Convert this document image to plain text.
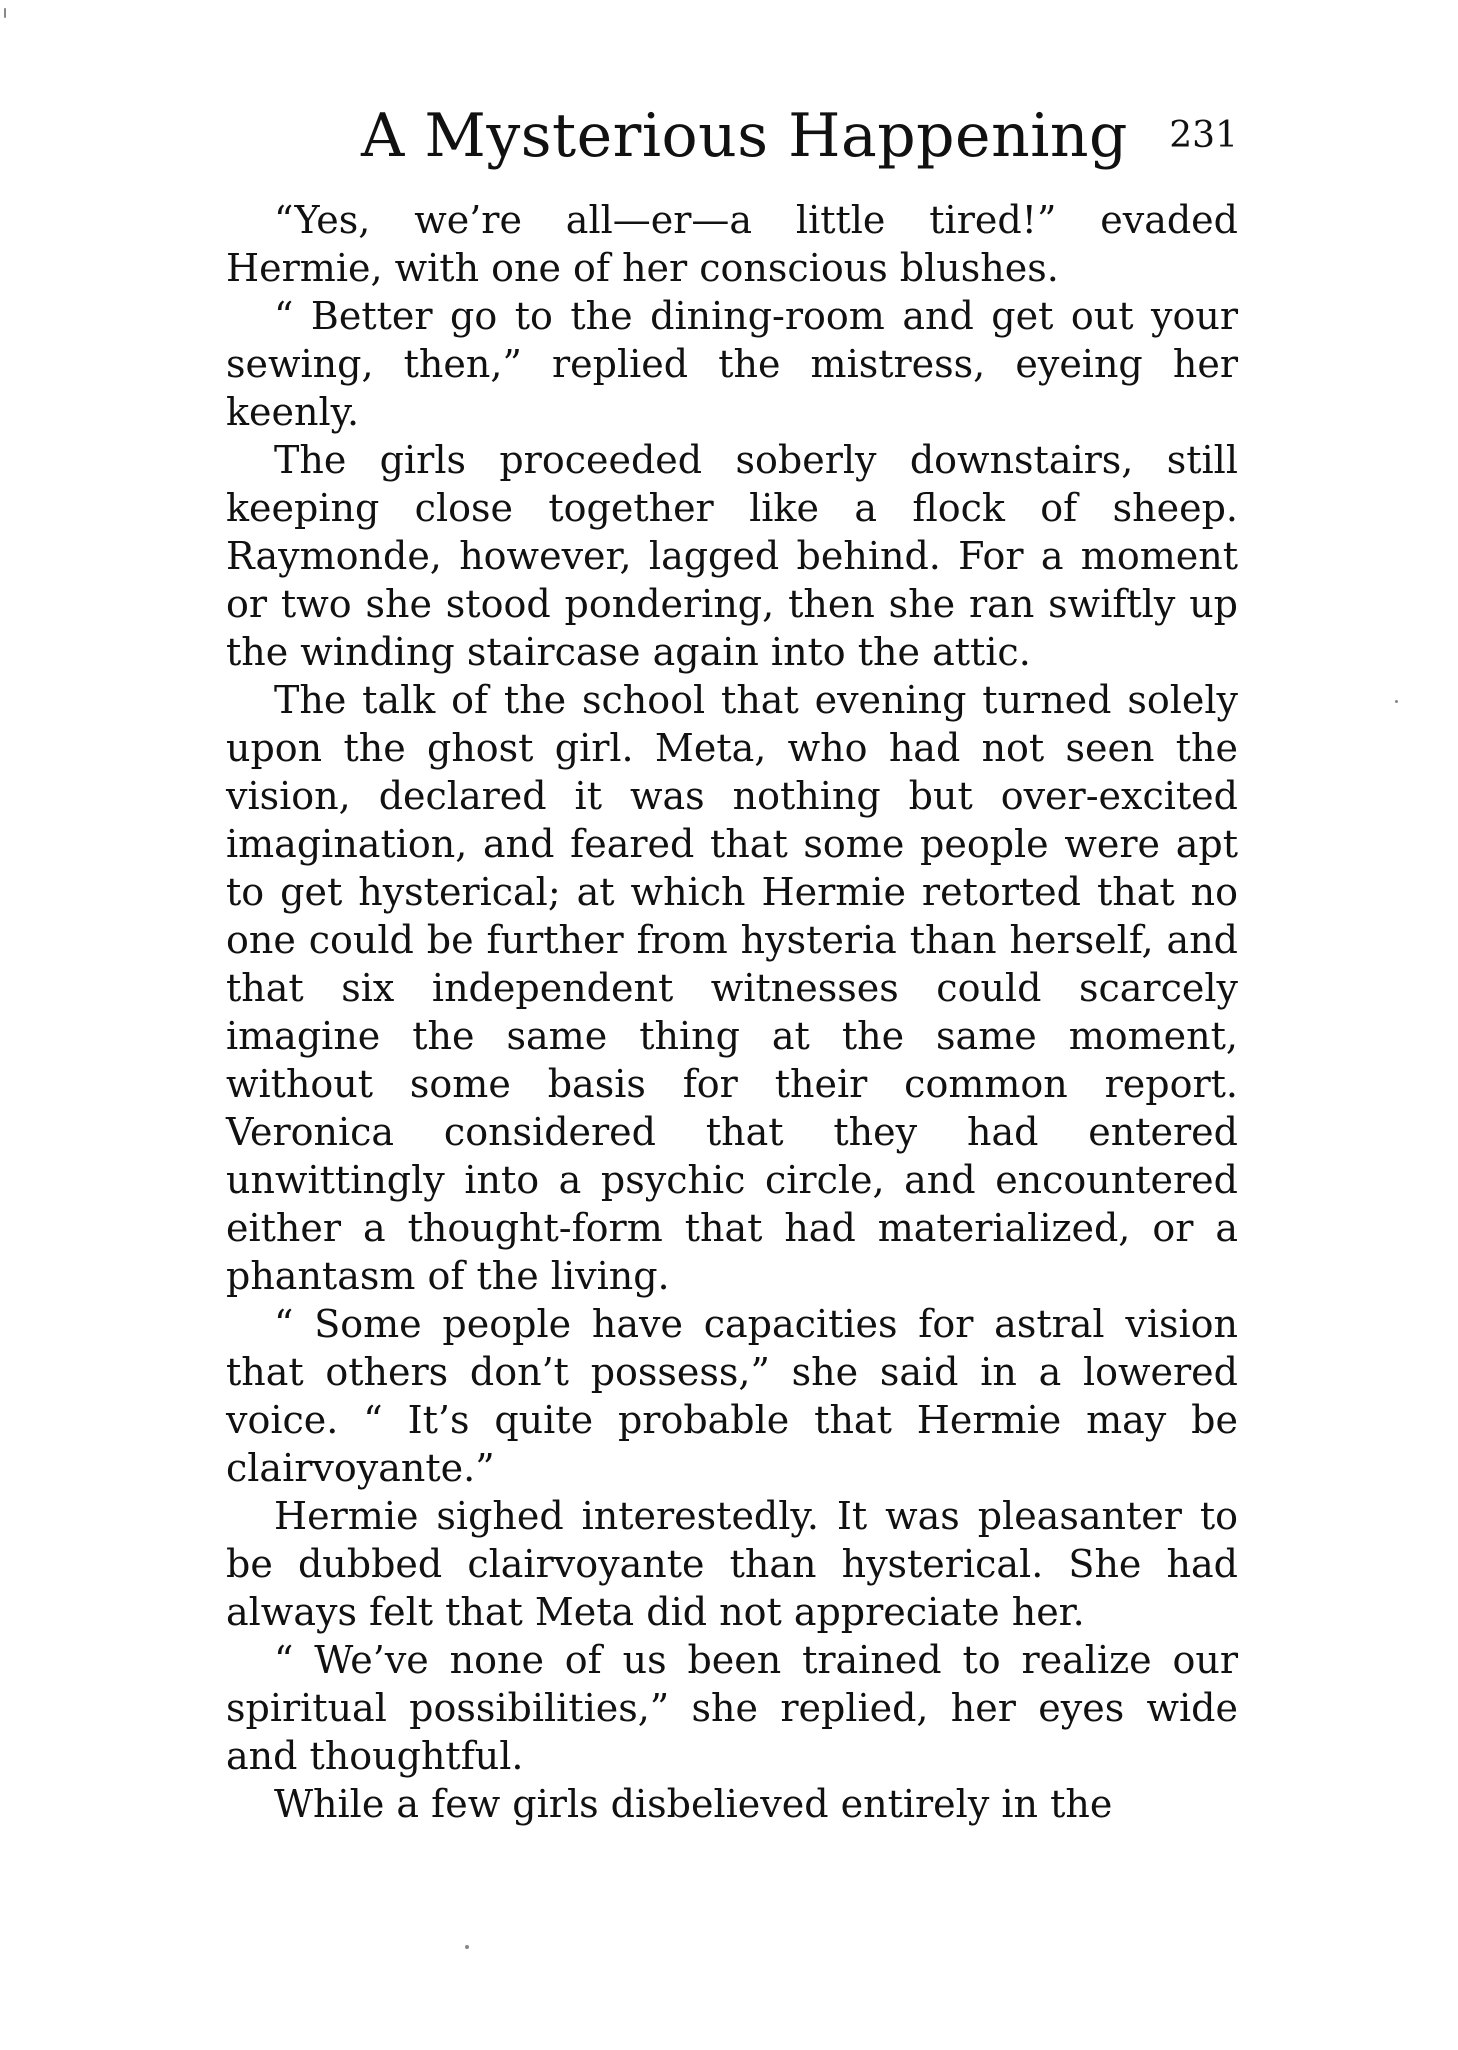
A Mysterious Happening 231

“Yes, we’re all—er—a little tired!” evaded Hermie, with one of her conscious blushes.

“ Better go to the dining-room and get out your sewing, then,” replied the mistress, eyeing her keenly.

The girls proceeded soberly downstairs, still keeping close together like a flock of sheep. Raymonde, however, lagged behind. For a moment or two she stood pondering, then she ran swiftly up the winding staircase again into the attic.

The talk of the school that evening turned solely upon the ghost girl. Meta, who had not seen the vision, declared it was nothing but over-excited imagination, and feared that some people were apt to get hysterical; at which Hermie retorted that no one could be further from hysteria than herself, and that six independent witnesses could scarcely imagine the same thing at the same moment, without some basis for their common report. Veronica considered that they had entered unwittingly into a psychic circle, and encountered either a thought-form that had materialized, or a phantasm of the living.

“ Some people have capacities for astral vision that others don’t possess,” she said in a lowered voice. “ It’s quite probable that Hermie may be clairvoyante.”

Hermie sighed interestedly. It was pleasanter to be dubbed clairvoyante than hysterical. She had always felt that Meta did not appreciate her.

“ We’ve none of us been trained to realize our spiritual possibilities,” she replied, her eyes wide and thoughtful.

While a few girls disbelieved entirely in the
